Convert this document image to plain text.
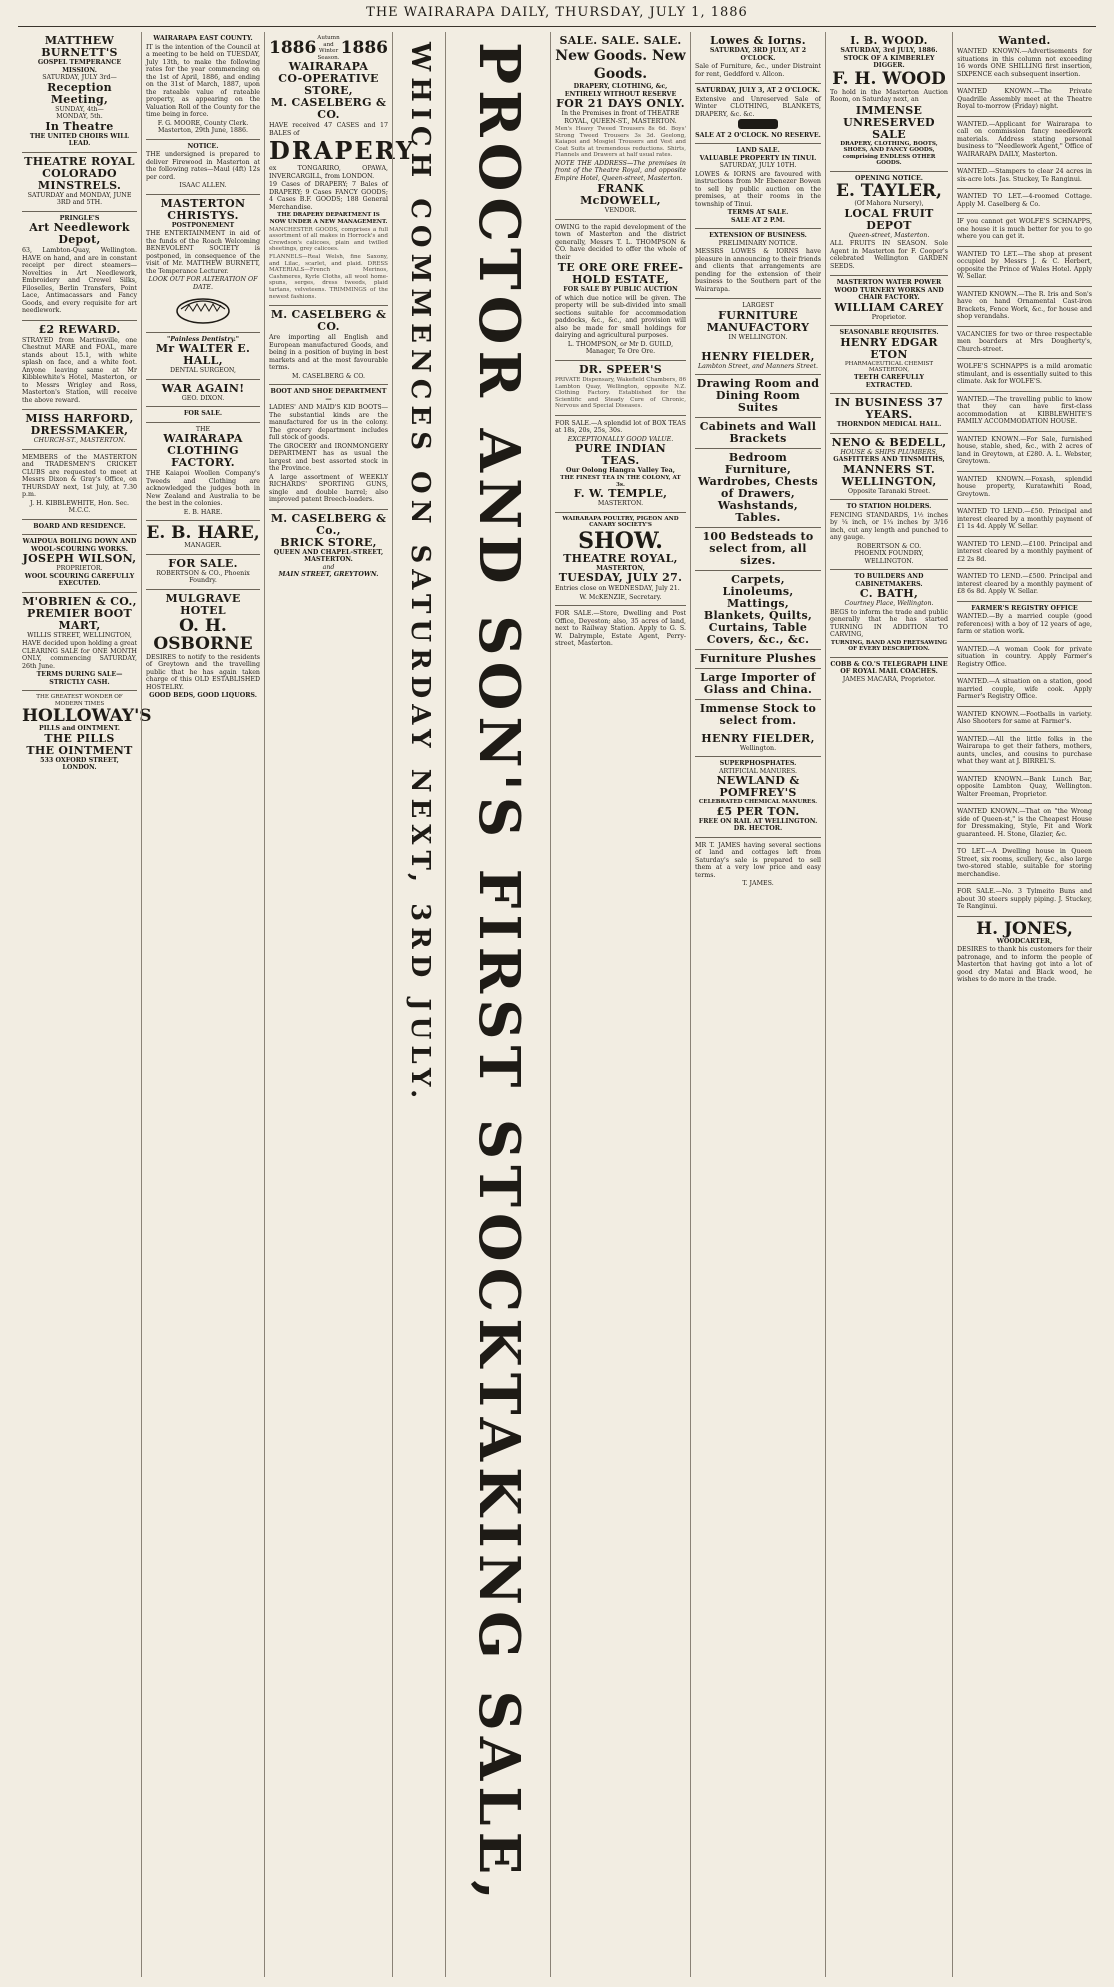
THE WAIRARAPA DAILY, THURSDAY, JULY 1, 1886
MATTHEW BURNETT'S
GOSPEL TEMPERANCE MISSION.
SATURDAY, JULY 3rd—
Reception Meeting,
SUNDAY, 4th—
MONDAY, 5th.
In Theatre
THE UNITED CHOIRS WILL LEAD.
THEATRE ROYAL
COLORADO MINSTRELS.
SATURDAY and MONDAY, JUNE 3RD and 5TH.
PRINGLE'S
Art Needlework Depot,

63, Lambton-Quay, Wellington. HAVE on hand, and are in constant receipt per direct steamers—Novelties in Art Needlework, Embroidery and Crewel Silks, Filoselles, Berlin Transfers, Point Lace, Antimacassars and Fancy Goods, and every requisite for art needlework.

£2 REWARD.

STRAYED from Martinsville, one Chestnut MARE and FOAL, mare stands about 15.1, with white splash on face, and a white foot. Anyone leaving same at Mr Kibblewhite's Hotel, Masterton, or to Messrs Wrigley and Ross, Masterton's Station, will receive the above reward.

MISS HARFORD,
DRESSMAKER,
CHURCH-ST., MASTERTON.

MEMBERS of the MASTERTON and TRADESMEN'S CRICKET CLUBS are requested to meet at Messrs Dixon & Gray's Office, on THURSDAY next, 1st July, at 7.30 p.m.

J. H. KIBBLEWHITE, Hon. Sec. M.C.C.
BOARD AND RESIDENCE.
WAIPOUA BOILING DOWN AND WOOL-SCOURING WORKS.
JOSEPH WILSON,
PROPRIETOR.
WOOL SCOURING CAREFULLY EXECUTED.
M'OBRIEN & CO.,
PREMIER BOOT MART,
WILLIS STREET, WELLINGTON,

HAVE decided upon holding a great CLEARING SALE for ONE MONTH ONLY, commencing SATURDAY, 26th June.

TERMS DURING SALE—STRICTLY CASH.
THE GREATEST WONDER OF MODERN TIMES
HOLLOWAY'S
PILLS and OINTMENT.
THE PILLS
THE OINTMENT
533 OXFORD STREET, LONDON.
WAIRARAPA EAST COUNTY.

IT is the intention of the Council at a meeting to be held on TUESDAY, July 13th, to make the following rates for the year commencing on the 1st of April, 1886, and ending on the 31st of March, 1887, upon the rateable value of rateable property, as appearing on the Valuation Roll of the County for the time being in force.

F. G. MOORE, County Clerk.
Masterton, 29th June, 1886.
NOTICE.

THE undersigned is prepared to deliver Firewood in Masterton at the following rates—Maul (4ft) 12s per cord.

ISAAC ALLEN.
MASTERTON CHRISTYS.
POSTPONEMENT

THE ENTERTAINMENT in aid of the funds of the Roach Welcoming BENEVOLENT SOCIETY is postponed, in consequence of the visit of Mr. MATTHEW BURNETT, the Temperance Lecturer.

LOOK OUT FOR ALTERATION OF DATE.
"Painless Dentistry."
Mr WALTER E. HALL,
DENTAL SURGEON,
WAR AGAIN!
GEO. DIXON.
FOR SALE.
THE
WAIRARAPA
CLOTHING FACTORY.

THE Kaiapoi Woollen Company's Tweeds and Clothing are acknowledged the judges both in New Zealand and Australia to be the best in the colonies.

E. B. HARE.
E. B. HARE,
MANAGER.
FOR SALE.
ROBERTSON & CO., Phoenix Foundry.
MULGRAVE HOTEL
O. H. OSBORNE

DESIRES to notify to the residents of Greytown and the travelling public that he has again taken charge of this OLD ESTABLISHED HOSTELRY.

GOOD BEDS, GOOD LIQUORS.
1886
Autumn and Winter Season. 1886
WAIRARAPA
CO-OPERATIVE STORE,
M. CASELBERG & CO.

HAVE received 47 CASES and 17 BALES of

DRAPERY

ex TONGARIRO, OPAWA, INVERCARGILL, from LONDON.

19 Cases of DRAPERY; 7 Bales of DRAPERY; 9 Cases FANCY GOODS; 4 Cases B.F. GOODS; 188 General Merchandise.

THE DRAPERY DEPARTMENT IS NOW UNDER A NEW MANAGEMENT.

MANCHESTER GOODS, comprises a full assortment of all makes in Horrock's and Crewdson's calicoes, plain and twilled sheetings, grey calicoes.

FLANNELS—Real Welsh, fine Saxony, and Lilac, scarlet, and plaid. DRESS MATERIALS—French Merinos, Cashmeres, Kyrle Cloths, all wool home-spuns, serges, dress tweeds, plaid tartans, velveteens. TRIMMINGS of the newest fashions.

M. CASELBERG & CO.

Are importing all English and European manufactured Goods, and being in a position of buying in best markets and at the most favourable terms.

M. CASELBERG & CO.
BOOT AND SHOE DEPARTMENT—

LADIES' AND MAID'S KID BOOTS—The substantial kinds are the manufactured for us in the colony. The grocery department includes full stock of goods.

The GROCERY and IRONMONGERY DEPARTMENT has as usual the largest and best assorted stock in the Province.

A large assortment of WEEKLY RICHARDS' SPORTING GUNS, single and double barrel; also improved patent Breech-loaders.

M. CASELBERG & Co.,
BRICK STORE,
QUEEN AND CHAPEL-STREET,
MASTERTON.
and
MAIN STREET, GREYTOWN.	WHICH COMMENCES ON SATURDAY NEXT, 3RD JULY. PROCTOR AND SON'S FIRST STOCKTAKING SALE,
SALE. SALE. SALE.
New Goods. New Goods.
DRAPERY, CLOTHING, &c, ENTIRELY WITHOUT RESERVE
FOR 21 DAYS ONLY.
In the Premises in front of THEATRE ROYAL, QUEEN-ST., MASTERTON.

Men's Heavy Tweed Trousers 8s 6d. Boys' Strong Tweed Trousers 3s 3d. Geelong, Kaiapoi and Mosgiel Trousers and Vest and Coat Suits at tremendous reductions. Shirts, Flannels and Drawers at half usual rates.

NOTE THE ADDRESS—The premises in front of the Theatre Royal, and opposite Empire Hotel, Queen-street, Masterton.

FRANK McDOWELL,
VENDOR.

OWING to the rapid development of the town of Masterton and the district generally, Messrs T. L. THOMPSON & CO. have decided to offer the whole of their

TE ORE ORE FREE-HOLD ESTATE,
FOR SALE BY PUBLIC AUCTION

of which due notice will be given. The property will be sub-divided into small sections suitable for accommodation paddocks, &c., &c., and provision will also be made for small holdings for dairying and agricultural purposes.

L. THOMPSON, or Mr D. GUILD, Manager, Te Ore Ore.
DR. SPEER'S

PRIVATE Dispensary, Wakefield Chambers, 86 Lambton Quay, Wellington, opposite N.Z. Clothing Factory. Established for the Scientific and Steady Cure of Chronic, Nervous and Special Diseases.

FOR SALE.—A splendid lot of BOX TEAS at 18s, 20s, 25s, 30s.

EXCEPTIONALLY GOOD VALUE.
PURE INDIAN TEAS.
Our Oolong Hangra Valley Tea,
THE FINEST TEA IN THE COLONY, AT 3s.
F. W. TEMPLE,
MASTERTON.
WAIRARAPA POULTRY, PIGEON AND CANARY SOCIETY'S
SHOW.
THEATRE ROYAL,
MASTERTON,
TUESDAY, JULY 27.

Entries close on WEDNESDAY, July 21.

W. McKENZIE, Secretary.

FOR SALE.—Store, Dwelling and Post Office, Deyeston; also, 35 acres of land, next to Railway Station. Apply to G. S. W. Dalrymple, Estate Agent, Perry-street, Masterton.

Lowes & Iorns.
SATURDAY, 3RD JULY, AT 2 O'CLOCK.

Sale of Furniture, &c., under Distraint for rent, Geddford v. Allcon.

SATURDAY, JULY 3, AT 2 O'CLOCK.

Extensive and Unreserved Sale of Winter CLOTHING, BLANKETS, DRAPERY, &c. &c.

SALE AT 2 O'CLOCK. NO RESERVE.
LAND SALE.
VALUABLE PROPERTY IN TINUI.
SATURDAY, JULY 10TH.

LOWES & IORNS are favoured with instructions from Mr Ebenezer Bowen to sell by public auction on the premises, at their rooms in the township of Tinui.

TERMS AT SALE.
SALE AT 2 P.M.
EXTENSION OF BUSINESS.
PRELIMINARY NOTICE.

MESSRS LOWES & IORNS have pleasure in announcing to their friends and clients that arrangements are pending for the extension of their business to the Southern part of the Wairarapa.

LARGEST
FURNITURE MANUFACTORY
IN WELLINGTON.
HENRY FIELDER,
Lambton Street, and Manners Street.
Drawing Room and Dining Room Suites
Cabinets and Wall Brackets
Bedroom Furniture, Wardrobes, Chests of Drawers, Washstands, Tables.
100 Bedsteads to select from, all sizes.
Carpets, Linoleums, Mattings, Blankets, Quilts, Curtains, Table Covers, &c., &c.
Furniture Plushes
Large Importer of Glass and China.
Immense Stock to select from.
HENRY FIELDER,
Wellington.
SUPERPHOSPHATES.
ARTIFICIAL MANURES.
NEWLAND & POMFREY'S
CELEBRATED CHEMICAL MANURES.
£5 PER TON.
FREE ON RAIL AT WELLINGTON.
DR. HECTOR.

MR T. JAMES having several sections of land and cottages left from Saturday's sale is prepared to sell them at a very low price and easy terms.

T. JAMES.
I. B. WOOD.
SATURDAY, 3rd JULY, 1886.
STOCK OF A KIMBERLEY DIGGER.
F. H. WOOD

To hold in the Masterton Auction Room, on Saturday next, an

IMMENSE UNRESERVED SALE
DRAPERY, CLOTHING, BOOTS, SHOES, AND FANCY GOODS, comprising ENDLESS OTHER GOODS.
OPENING NOTICE.
E. TAYLER,
(Of Mahora Nursery),
LOCAL FRUIT DEPOT
Queen-street, Masterton.

ALL FRUITS IN SEASON. Sole Agent in Masterton for F. Cooper's celebrated Wellington GARDEN SEEDS.

MASTERTON WATER POWER WOOD TURNERY WORKS AND CHAIR FACTORY.
WILLIAM CAREY
Proprietor.
SEASONABLE REQUISITES.
HENRY EDGAR ETON
PHARMACEUTICAL CHEMIST MASTERTON,
TEETH CAREFULLY EXTRACTED.
IN BUSINESS 37 YEARS.
THORNDON MEDICAL HALL.
NENO & BEDELL,
HOUSE & SHIPS PLUMBERS,
GASFITTERS AND TINSMITHS,
MANNERS ST.
WELLINGTON,
Opposite Taranaki Street.
TO STATION HOLDERS.

FENCING STANDARDS, 1½ inches by ¼ inch, or 1¼ inches by 3/16 inch, cut any length and punched to any gauge.

ROBERTSON & CO.
PHOENIX FOUNDRY,
WELLINGTON.
TO BUILDERS AND CABINETMAKERS.
C. BATH,
Courtney Place, Wellington.

BEGS to inform the trade and public generally that he has started TURNING IN ADDITION TO CARVING,

TURNING, BAND AND FRETSAWING OF EVERY DESCRIPTION.
COBB & CO.'S TELEGRAPH LINE OF ROYAL MAIL COACHES.
JAMES MACARA, Proprietor.
Wanted.

WANTED KNOWN.—Advertisements for situations in this column not exceeding 16 words ONE SHILLING first insertion, SIXPENCE each subsequent insertion.

WANTED KNOWN.—The Private Quadrille Assembly meet at the Theatre Royal to-morrow (Friday) night.

WANTED.—Applicant for Wairarapa to call on commission fancy needlework materials. Address stating personal business to "Needlework Agent," Office of WAIRARAPA DAILY, Masterton.

WANTED.—Stampers to clear 24 acres in six-acre lots. Jas. Stuckey, Te Ranginui.

WANTED TO LET.—4-roomed Cottage. Apply M. Caselberg & Co.

IF you cannot get WOLFE'S SCHNAPPS, one house it is much better for you to go where you can get it.

WANTED TO LET.—The shop at present occupied by Messrs J. & C. Herbert, opposite the Prince of Wales Hotel. Apply W. Sellar.

WANTED KNOWN.—The R. Iris and Son's have on hand Ornamental Cast-iron Brackets, Fence Work, &c., for house and shop verandahs.

VACANCIES for two or three respectable men boarders at Mrs Dougherty's, Church-street.

WOLFE'S SCHNAPPS is a mild aromatic stimulant, and is essentially suited to this climate. Ask for WOLFE'S.

WANTED.—The travelling public to know that they can have first-class accommodation at KIBBLEWHITE'S FAMILY ACCOMMODATION HOUSE.

WANTED KNOWN.—For Sale, furnished house, stable, shed, &c., with 2 acres of land in Greytown, at £280. A. L. Webster, Greytown.

WANTED KNOWN.—Foxash, splendid house property, Kuratawhiti Road, Greytown.

WANTED TO LEND.—£50. Principal and interest cleared by a monthly payment of £1 1s 4d. Apply W. Sellar.

WANTED TO LEND.—£100. Principal and interest cleared by a monthly payment of £2 2s 8d.

WANTED TO LEND.—£500. Principal and interest cleared by a monthly payment of £8 6s 8d. Apply W. Sellar.

FARMER'S REGISTRY OFFICE

WANTED.—By a married couple (good references) with a boy of 12 years of age, farm or station work.

WANTED.—A woman Cook for private situation in country. Apply Farmer's Registry Office.

WANTED.—A situation on a station, good married couple, wife cook. Apply Farmer's Registry Office.

WANTED KNOWN.—Footballs in variety. Also Shooters for same at Farmer's.

WANTED.—All the little folks in the Wairarapa to get their fathers, mothers, aunts, uncles, and cousins to purchase what they want at J. BIRREL'S.

WANTED KNOWN.—Bank Lunch Bar, opposite Lambton Quay, Wellington. Walter Freeman, Proprietor.

WANTED KNOWN.—That on "the Wrong side of Queen-st," is the Cheapest House for Dressmaking, Style, Fit and Work guaranteed. H. Stone, Glazier, &c.

TO LET.—A Dwelling house in Queen Street, six rooms, scullery, &c., also large two-stored stable, suitable for storing merchandise.

FOR SALE.—No. 3 Tylmeito Buns and about 30 steers supply piping. J. Stuckey, Te Ranginui.

H. JONES,
WOODCARTER,

DESIRES to thank his customers for their patronage, and to inform the people of Masterton that having got into a lot of good dry Matai and Black wood, he wishes to do more in the trade.
